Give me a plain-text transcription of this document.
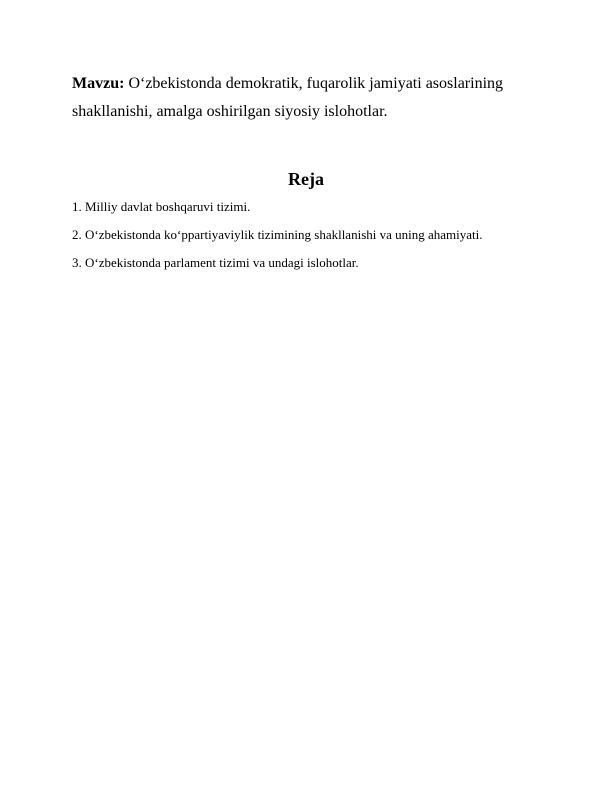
Mavzu: O‘zbekistonda demokratik, fuqarolik jamiyati asoslarining shakllanishi, amalga oshirilgan siyosiy islohotlar.
Reja
1. Milliy davlat boshqaruvi tizimi.
2. O‘zbekistonda ko‘ppartiyaviylik tizimining shakllanishi va uning ahamiyati.
3. O‘zbekistonda parlament tizimi va undagi islohotlar.
